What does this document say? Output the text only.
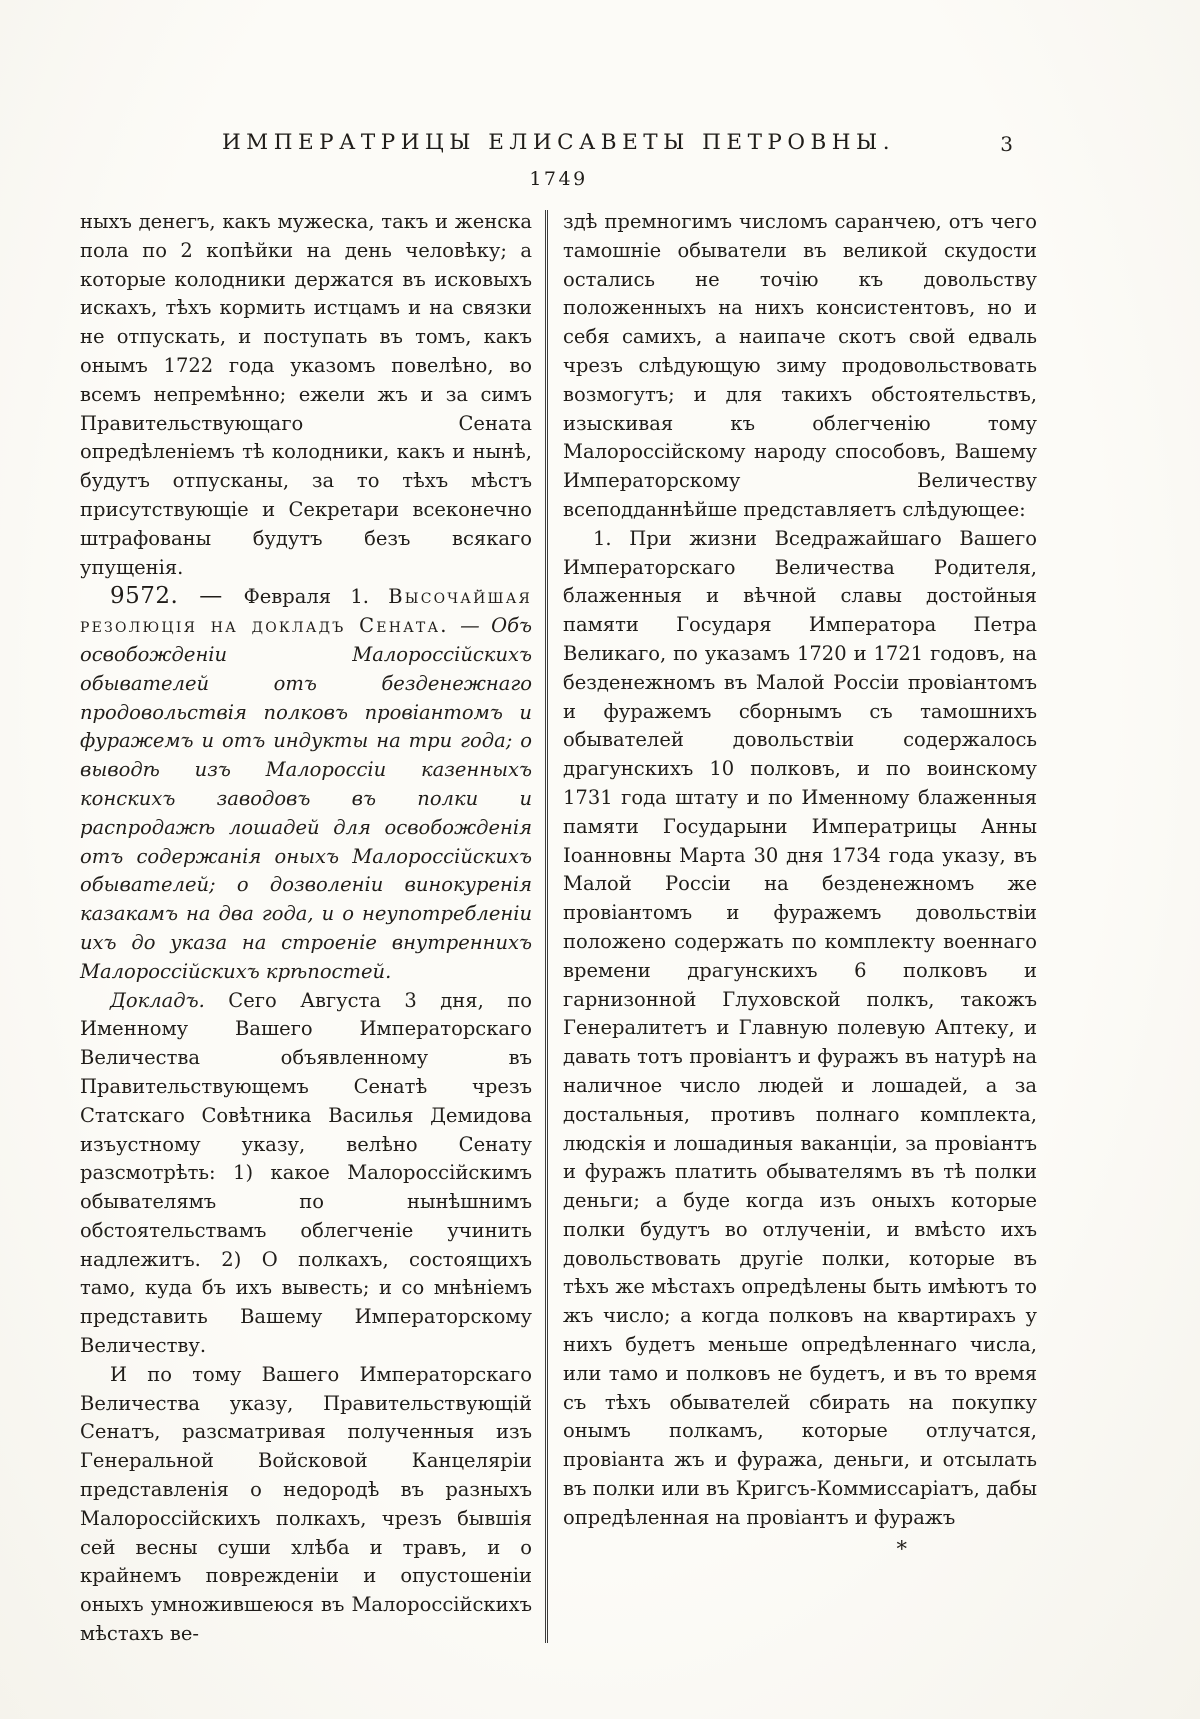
ИМПЕРАТРИЦЫ ЕЛИСАВЕТЫ ПЕТРОВНЫ.	3
1749

ныхъ денегъ, какъ мужеска, такъ и женска пола по 2 копѣйки на день человѣку; а которые колодники держатся въ исковыхъ искахъ, тѣхъ кормить истцамъ и на связки не отпускать, и поступать въ томъ, какъ онымъ 1722 года указомъ повелѣно, во всемъ непремѣнно; ежели жъ и за симъ Правительствующаго Сената опредѣленіемъ тѣ колодники, какъ и нынѣ, будутъ отпусканы, за то тѣхъ мѣстъ присутствующіе и Секретари всеконечно штрафованы будутъ безъ всякаго упущенія.

9572. — Февраля 1. Высочайшая резолюція на докладъ Сената. — Объ освобожденіи Малороссійскихъ обывателей отъ безденежнаго продовольствія полковъ провіантомъ и фуражемъ и отъ индукты на три года; о выводѣ изъ Малороссіи казенныхъ конскихъ заводовъ въ полки и распродажѣ лошадей для освобожденія отъ содержанія оныхъ Малороссійскихъ обывателей; о дозволеніи винокуренія казакамъ на два года, и о неупотребленіи ихъ до указа на строеніе внутреннихъ Малороссійскихъ крѣпостей.

Докладъ. Сего Августа 3 дня, по Именному Вашего Императорскаго Величества объявленному въ Правительствующемъ Сенатѣ чрезъ Статскаго Совѣтника Василья Демидова изъустному указу, велѣно Сенату разсмотрѣть: 1) какое Малороссійскимъ обывателямъ по нынѣшнимъ обстоятельствамъ облегченіе учинить надлежитъ. 2) О полкахъ, состоящихъ тамо, куда бъ ихъ вывесть; и со мнѣніемъ представить Вашему Императорскому Величеству.

И по тому Вашего Императорскаго Величества указу, Правительствующій Сенатъ, разсматривая полученныя изъ Генеральной Войсковой Канцеляріи представленія о недородѣ въ разныхъ Малороссійскихъ полкахъ, чрезъ бывшія сей весны суши хлѣба и травъ, и о крайнемъ поврежденіи и опустошеніи оныхъ умножившеюся въ Малороссійскихъ мѣстахъ ве-

здѣ премногимъ числомъ саранчею, отъ чего тамошніе обыватели въ великой скудости остались не точію къ довольству положенныхъ на нихъ консистентовъ, но и себя самихъ, а наипаче скотъ свой едваль чрезъ слѣдующую зиму продовольствовать возмогутъ; и для такихъ обстоятельствъ, изыскивая къ облегченію тому Малороссійскому народу способовъ, Вашему Императорскому Величеству всеподданнѣйше представляетъ слѣдующее:

1. При жизни Вседражайшаго Вашего Императорскаго Величества Родителя, блаженныя и вѣчной славы достойныя памяти Государя Императора Петра Великаго, по указамъ 1720 и 1721 годовъ, на безденежномъ въ Малой Россіи провіантомъ и фуражемъ сборнымъ съ тамошнихъ обывателей довольствіи содержалось драгунскихъ 10 полковъ, и по воинскому 1731 года штату и по Именному блаженныя памяти Государыни Императрицы Анны Іоанновны Марта 30 дня 1734 года указу, въ Малой Россіи на безденежномъ же провіантомъ и фуражемъ довольствіи положено содержать по комплекту военнаго времени драгунскихъ 6 полковъ и гарнизонной Глуховской полкъ, такожъ Генералитетъ и Главную полевую Аптеку, и давать тотъ провіантъ и фуражъ въ натурѣ на наличное число людей и лошадей, а за достальныя, противъ полнаго комплекта, людскія и лошадиныя ваканціи, за провіантъ и фуражъ платить обывателямъ въ тѣ полки деньги; а буде когда изъ оныхъ которые полки будутъ во отлученіи, и вмѣсто ихъ довольствовать другіе полки, которые въ тѣхъ же мѣстахъ опредѣлены быть имѣютъ то жъ число; а когда полковъ на квартирахъ у нихъ будетъ меньше опредѣленнаго числа, или тамо и полковъ не будетъ, и въ то время съ тѣхъ обывателей сбирать на покупку онымъ полкамъ, которые отлучатся, провіанта жъ и фуража, деньги, и отсылать въ полки или въ Кригсъ-Коммиссаріатъ, дабы опредѣленная на провіантъ и фуражъ

*
